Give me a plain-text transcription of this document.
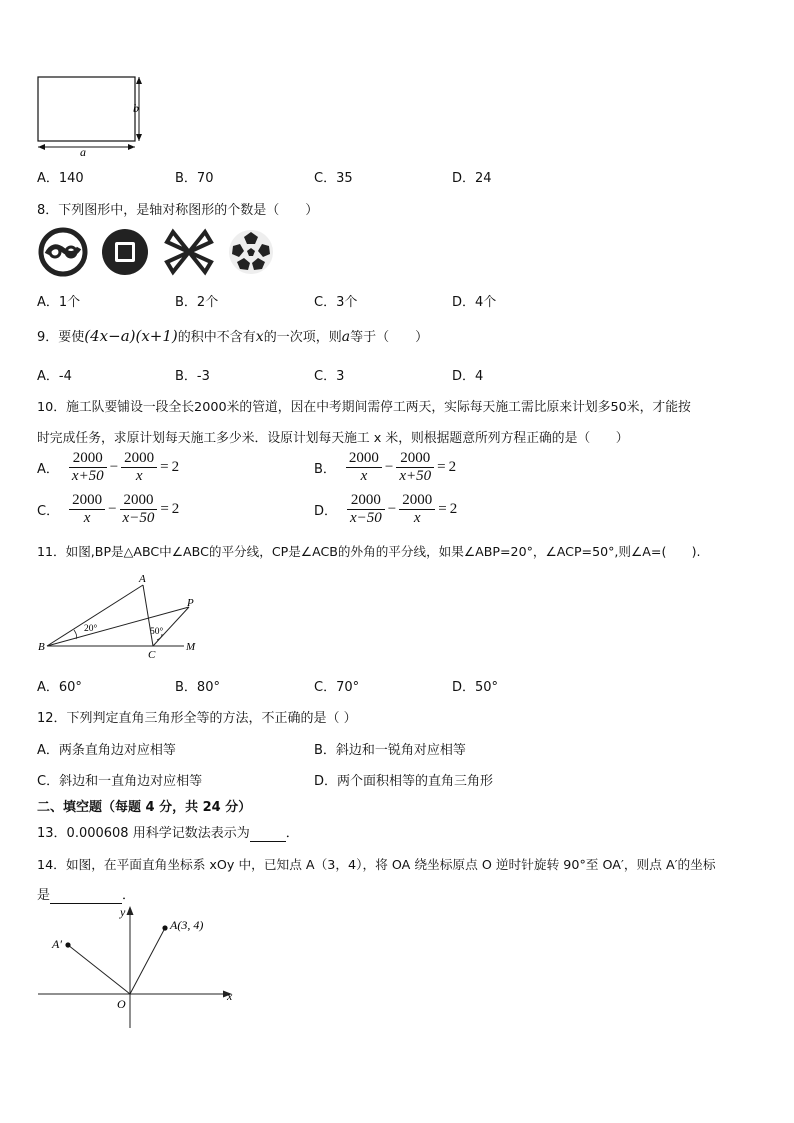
b
a
A．140	B．70	C．35	D．24
8．下列图形中，是轴对称图形的个数是（　　）
A．1个	B．2个	C．3个	D．4个
9．要使(4x−a)(x+1)的积中不含有x的一次项，则a等于（　　）
A．-4	B．-3	C．3	D．4
10．施工队要铺设一段全长2000米的管道，因在中考期间需停工两天，实际每天施工需比原来计划多50米，才能按
时完成任务，求原计划每天施工多少米．设原计划每天施工 x 米，则根据题意所列方程正确的是（　　）
A． $\frac{2000}{x+50} - \frac{2000}{x} = 2$	B． $\frac{2000}{x} - \frac{2000}{x+50} = 2$
C． $\frac{2000}{x} - \frac{2000}{x-50} = 2$	D． $\frac{2000}{x-50} - \frac{2000}{x} = 2$
11．如图,BP是△ABC中∠ABC的平分线，CP是∠ACB的外角的平分线，如果∠ABP=20°，∠ACP=50°,则∠A=(　　).
A
B
C
P
M
20°	50°
A．60°	B．80°	C．70°	D．50°
12．下列判定直角三角形全等的方法，不正确的是（ ）
A．两条直角边对应相等	B．斜边和一锐角对应相等
C．斜边和一直角边对应相等	D．两个面积相等的直角三角形
二、填空题（每题 4 分，共 24 分）
13．0.000608 用科学记数法表示为	．
14．如图，在平面直角坐标系 xOy 中，已知点 A（3，4），将 OA 绕坐标原点 O 逆时针旋转 90°至 OA′，则点 A′的坐标
是	．
A(3, 4)
A′
O
x
y
